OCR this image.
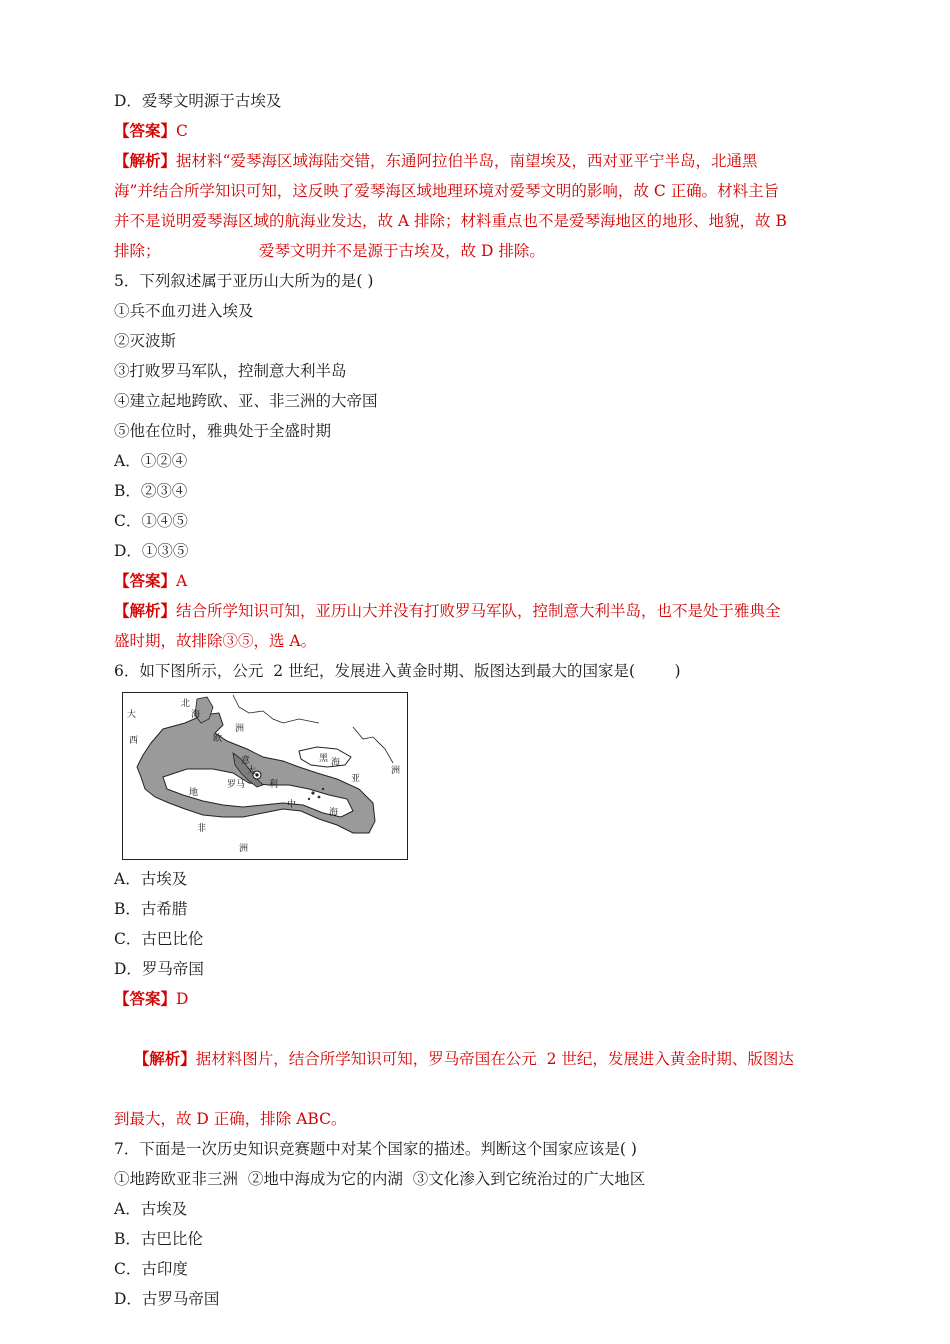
D．爱琴文明源于古埃及
【答案】C
【解析】据材料“爱琴海区域海陆交错，东通阿拉伯半岛，南望埃及，西对亚平宁半岛，北通黑
海”并结合所学知识可知，这反映了爱琴海区域地理环境对爱琴文明的影响，故 C 正确。材料主旨
并不是说明爱琴海区域的航海业发达，故 A 排除；材料重点也不是爱琴海地区的地形、地貌，故 B
排除；                    爱琴文明并不是源于古埃及，故 D 排除。
5．下列叙述属于亚历山大所为的是( )
①兵不血刃进入埃及
②灭波斯
③打败罗马军队，控制意大利半岛
④建立起地跨欧、亚、非三洲的大帝国
⑤他在位时，雅典处于全盛时期
A．①②④
B．②③④
C．①④⑤
D．①③⑤
【答案】A
【解析】结合所学知识可知，亚历山大并没有打败罗马军队，控制意大利半岛，也不是处于雅典全
盛时期，故排除③⑤，选 A。
6．如下图所示，公元  2 世纪，发展进入黄金时期、版图达到最大的国家是(        )
北
海
大
西	欧
洲
黑 海
亚
洲
罗马
地
中
海
非
洲
意
大
利
A．古埃及
B．古希腊
C．古巴比伦
D．罗马帝国
【答案】D

【解析】据材料图片，结合所学知识可知，罗马帝国在公元  2 世纪，发展进入黄金时期、版图达

到最大，故 D 正确，排除 ABC。
7．下面是一次历史知识竞赛题中对某个国家的描述。判断这个国家应该是( )
①地跨欧亚非三洲  ②地中海成为它的内湖  ③文化渗入到它统治过的广大地区
A．古埃及
B．古巴比伦
C．古印度
D．古罗马帝国
